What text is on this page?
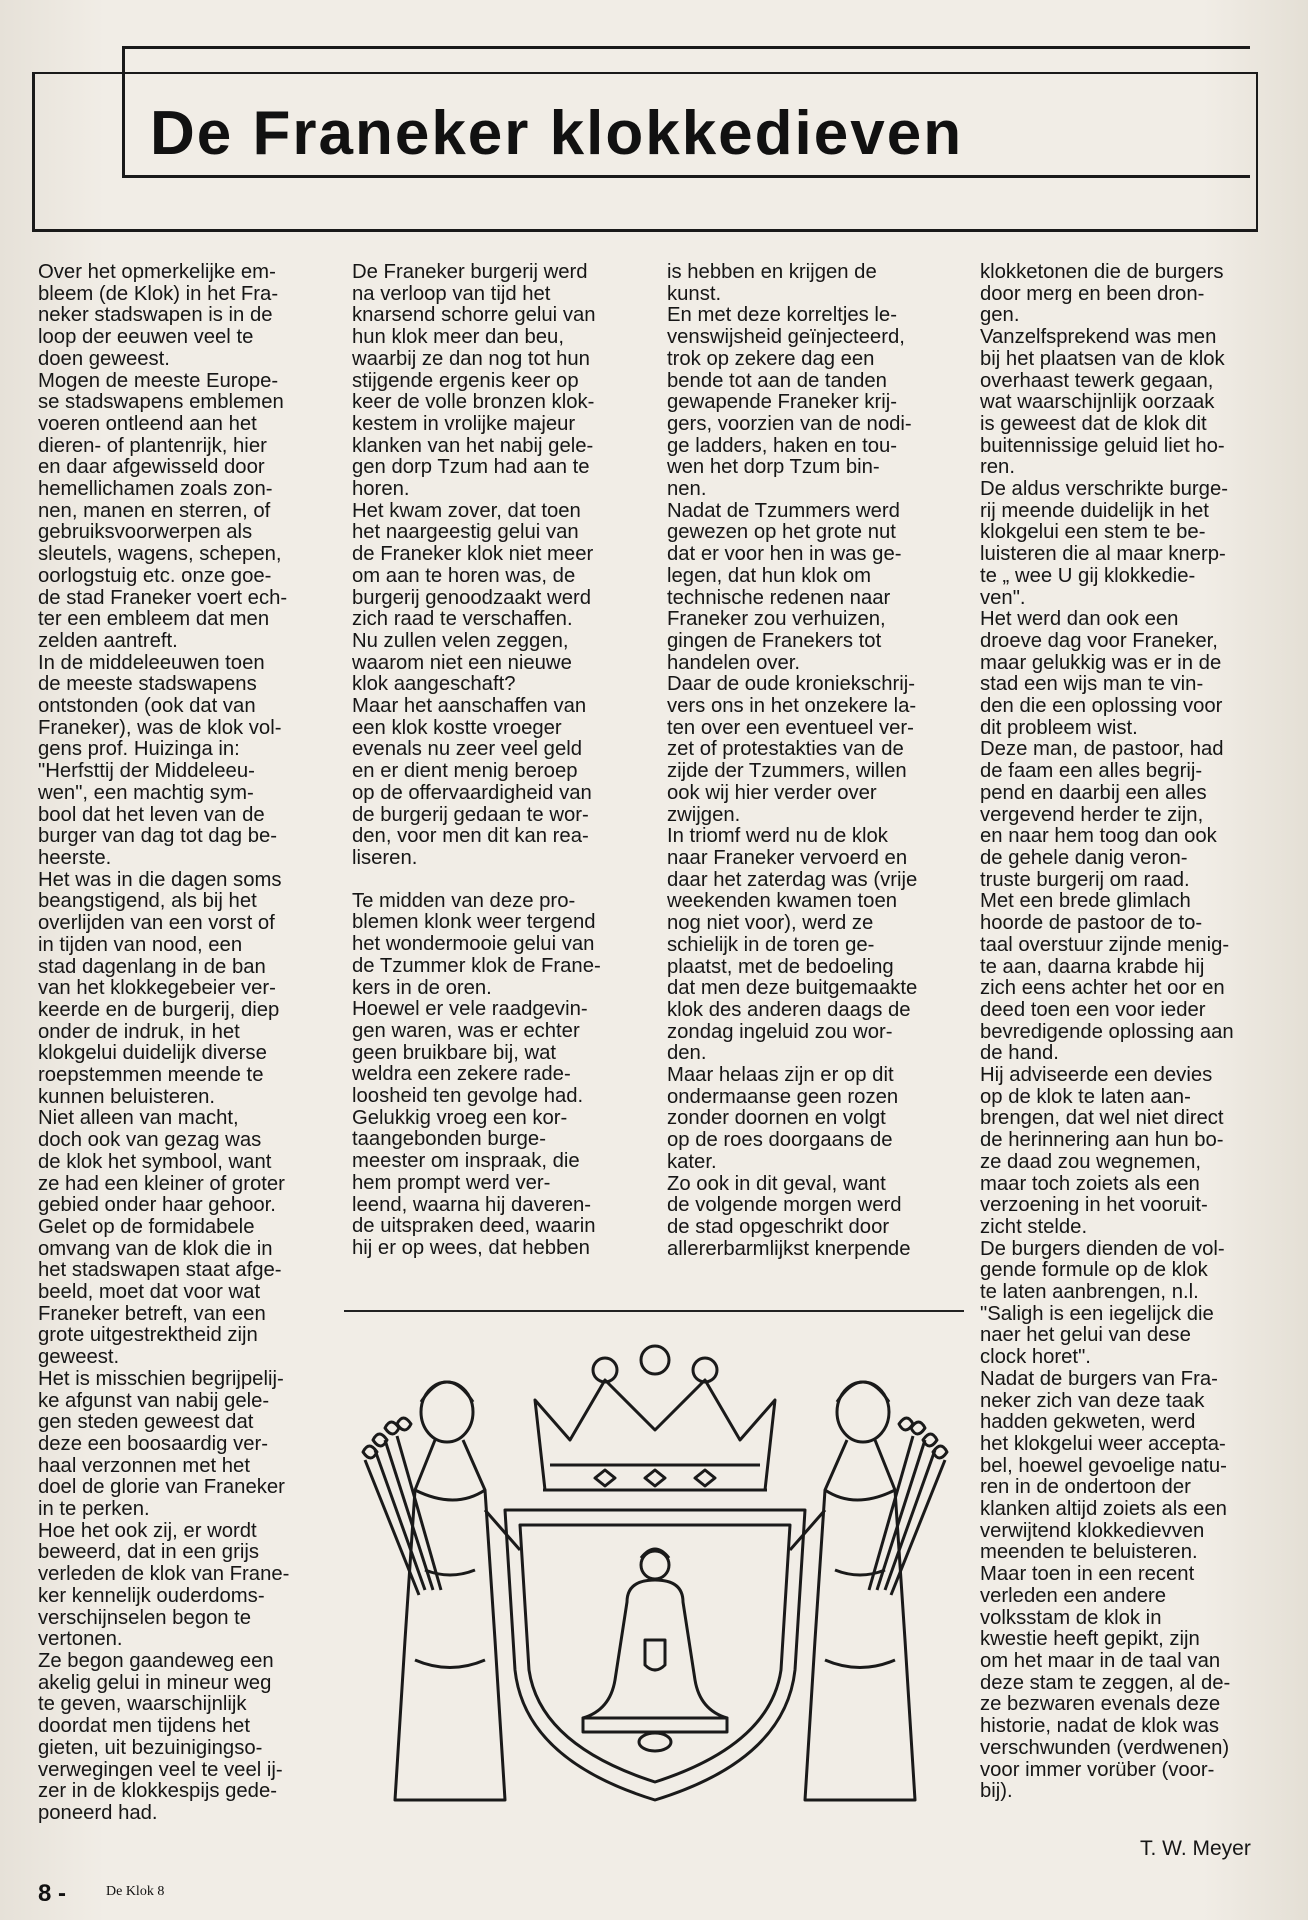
De Franeker klokkedieven

Over het opmerkelijke em-

bleem (de Klok) in het Fra-

neker stadswapen is in de

loop der eeuwen veel te

doen geweest.

Mogen de meeste Europe-

se stadswapens emblemen

voeren ontleend aan het

dieren- of plantenrijk, hier

en daar afgewisseld door

hemellichamen zoals zon-

nen, manen en sterren, of

gebruiksvoorwerpen als

sleutels, wagens, schepen,

oorlogstuig etc. onze goe-

de stad Franeker voert ech-

ter een embleem dat men

zelden aantreft.

In de middeleeuwen toen

de meeste stadswapens

ontstonden (ook dat van

Franeker), was de klok vol-

gens prof. Huizinga in:

"Herfsttij der Middeleeu-

wen", een machtig sym-

bool dat het leven van de

burger van dag tot dag be-

heerste.

Het was in die dagen soms

beangstigend, als bij het

overlijden van een vorst of

in tijden van nood, een

stad dagenlang in de ban

van het klokkegebeier ver-

keerde en de burgerij, diep

onder de indruk, in het

klokgelui duidelijk diverse

roepstemmen meende te

kunnen beluisteren.

Niet alleen van macht,

doch ook van gezag was

de klok het symbool, want

ze had een kleiner of groter

gebied onder haar gehoor.

Gelet op de formidabele

omvang van de klok die in

het stadswapen staat afge-

beeld, moet dat voor wat

Franeker betreft, van een

grote uitgestrektheid zijn

geweest.

Het is misschien begrijpelij-

ke afgunst van nabij gele-

gen steden geweest dat

deze een boosaardig ver-

haal verzonnen met het

doel de glorie van Franeker

in te perken.

Hoe het ook zij, er wordt

beweerd, dat in een grijs

verleden de klok van Frane-

ker kennelijk ouderdoms-

verschijnselen begon te

vertonen.

Ze begon gaandeweg een

akelig gelui in mineur weg

te geven, waarschijnlijk

doordat men tijdens het

gieten, uit bezuinigingso-

verwegingen veel te veel ij-

zer in de klokkespijs gede-

poneerd had.

De Franeker burgerij werd

na verloop van tijd het

knarsend schorre gelui van

hun klok meer dan beu,

waarbij ze dan nog tot hun

stijgende ergenis keer op

keer de volle bronzen klok-

kestem in vrolijke majeur

klanken van het nabij gele-

gen dorp Tzum had aan te

horen.

Het kwam zover, dat toen

het naargeestig gelui van

de Franeker klok niet meer

om aan te horen was, de

burgerij genoodzaakt werd

zich raad te verschaffen.

Nu zullen velen zeggen,

waarom niet een nieuwe

klok aangeschaft?

Maar het aanschaffen van

een klok kostte vroeger

evenals nu zeer veel geld

en er dient menig beroep

op de offervaardigheid van

de burgerij gedaan te wor-

den, voor men dit kan rea-

liseren.

Te midden van deze pro-

blemen klonk weer tergend

het wondermooie gelui van

de Tzummer klok de Frane-

kers in de oren.

Hoewel er vele raadgevin-

gen waren, was er echter

geen bruikbare bij, wat

weldra een zekere rade-

loosheid ten gevolge had.

Gelukkig vroeg een kor-

taangebonden burge-

meester om inspraak, die

hem prompt werd ver-

leend, waarna hij daveren-

de uitspraken deed, waarin

hij er op wees, dat hebben

is hebben en krijgen de

kunst.

En met deze korreltjes le-

venswijsheid geïnjecteerd,

trok op zekere dag een

bende tot aan de tanden

gewapende Franeker krij-

gers, voorzien van de nodi-

ge ladders, haken en tou-

wen het dorp Tzum bin-

nen.

Nadat de Tzummers werd

gewezen op het grote nut

dat er voor hen in was ge-

legen, dat hun klok om

technische redenen naar

Franeker zou verhuizen,

gingen de Franekers tot

handelen over.

Daar de oude kroniekschrij-

vers ons in het onzekere la-

ten over een eventueel ver-

zet of protestakties van de

zijde der Tzummers, willen

ook wij hier verder over

zwijgen.

In triomf werd nu de klok

naar Franeker vervoerd en

daar het zaterdag was (vrije

weekenden kwamen toen

nog niet voor), werd ze

schielijk in de toren ge-

plaatst, met de bedoeling

dat men deze buitgemaakte

klok des anderen daags de

zondag ingeluid zou wor-

den.

Maar helaas zijn er op dit

ondermaanse geen rozen

zonder doornen en volgt

op de roes doorgaans de

kater.

Zo ook in dit geval, want

de volgende morgen werd

de stad opgeschrikt door

allererbarmlijkst knerpende

klokketonen die de burgers

door merg en been dron-

gen.

Vanzelfsprekend was men

bij het plaatsen van de klok

overhaast tewerk gegaan,

wat waarschijnlijk oorzaak

is geweest dat de klok dit

buitennissige geluid liet ho-

ren.

De aldus verschrikte burge-

rij meende duidelijk in het

klokgelui een stem te be-

luisteren die al maar knerp-

te „ wee U gij klokkedie-

ven".

Het werd dan ook een

droeve dag voor Franeker,

maar gelukkig was er in de

stad een wijs man te vin-

den die een oplossing voor

dit probleem wist.

Deze man, de pastoor, had

de faam een alles begrij-

pend en daarbij een alles

vergevend herder te zijn,

en naar hem toog dan ook

de gehele danig veron-

truste burgerij om raad.

Met een brede glimlach

hoorde de pastoor de to-

taal overstuur zijnde menig-

te aan, daarna krabde hij

zich eens achter het oor en

deed toen een voor ieder

bevredigende oplossing aan

de hand.

Hij adviseerde een devies

op de klok te laten aan-

brengen, dat wel niet direct

de herinnering aan hun bo-

ze daad zou wegnemen,

maar toch zoiets als een

verzoening in het vooruit-

zicht stelde.

De burgers dienden de vol-

gende formule op de klok

te laten aanbrengen, n.l.

"Saligh is een iegelijck die

naer het gelui van dese

clock horet".

Nadat de burgers van Fra-

neker zich van deze taak

hadden gekweten, werd

het klokgelui weer accepta-

bel, hoewel gevoelige natu-

ren in de ondertoon der

klanken altijd zoiets als een

verwijtend klokkedievven

meenden te beluisteren.

Maar toen in een recent

verleden een andere

volksstam de klok in

kwestie heeft gepikt, zijn

om het maar in de taal van

deze stam te zeggen, al de-

ze bezwaren evenals deze

historie, nadat de klok was

verschwunden (verdwenen)

voor immer vorüber (voor-

bij).

T. W. Meyer
8 -	De Klok 8
